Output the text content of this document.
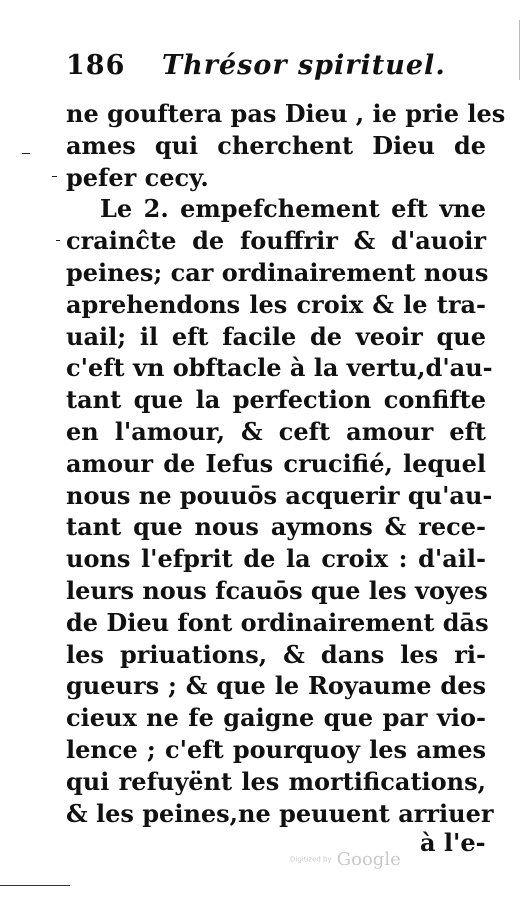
186 Thrésor spirituel.
ne gouftera pas Dieu , ie prie les
ames qui cherchent Dieu de
pefer cecy.
Le 2. empefchement eft vne
crainĉte de fouffrir & d'auoir
peines; car ordinairement nous
aprehendons les croix & le tra-
uail; il eft facile de veoir que
c'eft vn obftacle à la vertu,d'au-
tant que la perfection confifte
en l'amour, & ceft amour eft
amour de Iefus crucifié, lequel
nous ne pouuōs acquerir qu'au-
tant que nous aymons & rece-
uons l'efprit de la croix : d'ail-
leurs nous fcauōs que les voyes
de Dieu font ordinairement dās
les priuations, & dans les ri-
gueurs ; & que le Royaume des
cieux ne fe gaigne que par vio-
lence ; c'eft pourquoy les ames
qui refuyënt les mortifications,
& les peines,ne peuuent arriuer
à l'e-
Digitized by Google
